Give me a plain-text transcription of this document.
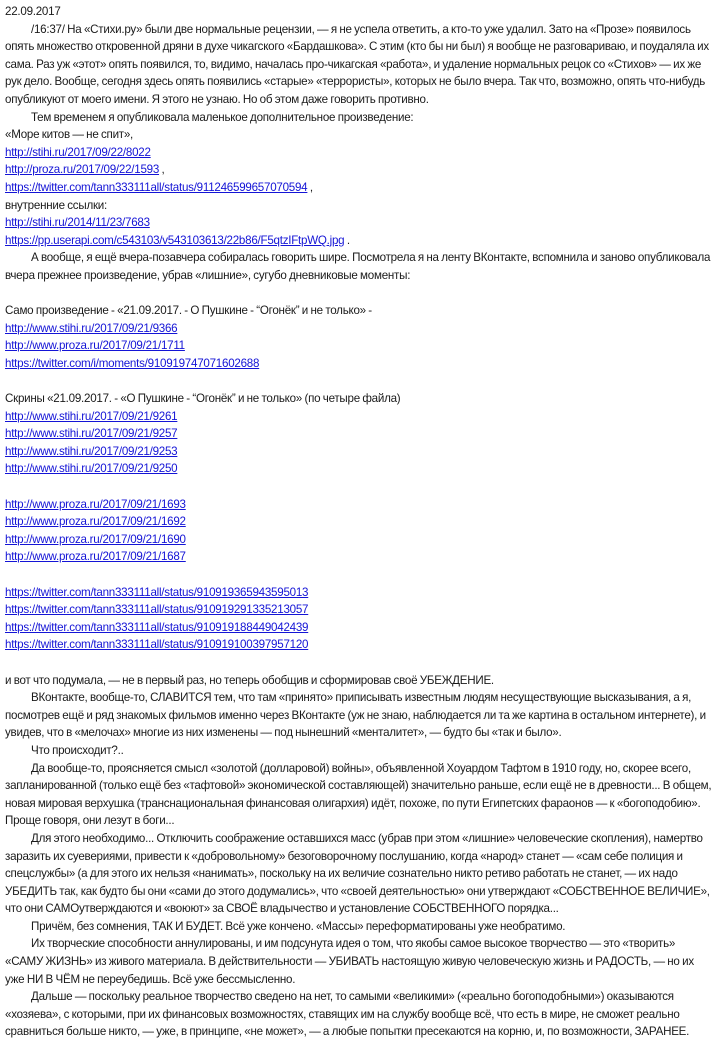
22.09.2017

/16:37/ На «Стихи.ру» были две нормальные рецензии, — я не успела ответить, а кто-то уже удалил. Зато на «Прозе» появилось опять множество откровенной дряни в духе чикагского «Бардашкова». С этим (кто бы ни был) я вообще не разговариваю, и поудаляла их сама. Раз уж «этот» опять появился, то, видимо, началась про-чикагская «работа», и удаление нормальных рецок со «Стихов» — их же рук дело. Вообще, сегодня здесь опять появились «старые» «террористы», которых не было вчера. Так что, возможно, опять что-нибудь опубликуют от моего имени. Я этого не узнаю. Но об этом даже говорить противно.

Тем временем я опубликовала маленькое дополнительное произведение:

«Море китов — не спит»,

http://stihi.ru/2017/09/22/8022

http://proza.ru/2017/09/22/1593 ,

https://twitter.com/tann333111all/status/911246599657070594 ,

внутренние ссылки:

http://stihi.ru/2014/11/23/7683

https://pp.userapi.com/c543103/v543103613/22b86/F5qtzIFtpWQ.jpg .

А вообще, я ещё вчера-позавчера собиралась говорить шире. Посмотрела я на ленту ВКонтакте, вспомнила и заново опубликовала вчера прежнее произведение, убрав «лишние», сугубо дневниковые моменты:

Само произведение - «21.09.2017. - О Пушкине - “Огонёк” и не только» -

http://www.stihi.ru/2017/09/21/9366

http://www.proza.ru/2017/09/21/1711

https://twitter.com/i/moments/910919747071602688

Скрины «21.09.2017. - «О Пушкине - “Огонёк” и не только» (по четыре файла)

http://www.stihi.ru/2017/09/21/9261

http://www.stihi.ru/2017/09/21/9257

http://www.stihi.ru/2017/09/21/9253

http://www.stihi.ru/2017/09/21/9250

http://www.proza.ru/2017/09/21/1693

http://www.proza.ru/2017/09/21/1692

http://www.proza.ru/2017/09/21/1690

http://www.proza.ru/2017/09/21/1687

https://twitter.com/tann333111all/status/910919365943595013

https://twitter.com/tann333111all/status/910919291335213057

https://twitter.com/tann333111all/status/910919188449042439

https://twitter.com/tann333111all/status/910919100397957120

и вот что подумала, — не в первый раз, но теперь обобщив и сформировав своё УБЕЖДЕНИЕ.

ВКонтакте, вообще-то, СЛАВИТСЯ тем, что там «принято» приписывать известным людям несуществующие высказывания, а я, посмотрев ещё и ряд знакомых фильмов именно через ВКонтакте (уж не знаю, наблюдается ли та же картина в остальном интернете), и увидев, что в «мелочах» многие из них изменены — под нынешний «менталитет», — будто бы «так и было».

Что происходит?..

Да вообще-то, проясняется смысл «золотой (долларовой) войны», объявленной Хоуардом Тафтом в 1910 году, но, скорее всего, запланированной (только ещё без «тафтовой» экономической составляющей) значительно раньше, если ещё не в древности... В общем, новая мировая верхушка (транснациональная финансовая олигархия) идёт, похоже, по пути Египетских фараонов — к «богоподобию». Проще говоря, они лезут в боги...

Для этого необходимо... Отключить соображение оставшихся масс (убрав при этом «лишние» человеческие скопления), намертво заразить их суевериями, привести к «добровольному» безоговорочному послушанию, когда «народ» станет — «сам себе полиция и спецслужбы» (а для этого их нельзя «нанимать», поскольку на их величие сознательно никто ретиво работать не станет, — их надо УБЕДИТЬ так, как будто бы они «сами до этого додумались», что «своей деятельностью» они утверждают «СОБСТВЕННОЕ ВЕЛИЧИЕ», что они САМОутверждаются и «воюют» за СВОЁ владычество и установление СОБСТВЕННОГО порядка...

Причём, без сомнения, ТАК И БУДЕТ. Всё уже кончено. «Массы» переформатированы уже необратимо.

Их творческие способности аннулированы, и им подсунута идея о том, что якобы самое высокое творчество — это «творить» «САМУ ЖИЗНЬ» из живого материала. В действительности — УБИВАТЬ настоящую живую человеческую жизнь и РАДОСТЬ, — но их уже НИ В ЧЁМ не переубедишь. Всё уже бессмысленно.

Дальше — поскольку реальное творчество сведено на нет, то самыми «великими» («реально богоподобными») оказываются «хозяева», с которыми, при их финансовых возможностях, ставящих им на службу вообще всё, что есть в мире, не сможет реально сравниться больше никто, — уже, в принципе, «не может», — а любые попытки пресекаются на корню, и, по возможности, ЗАРАНЕЕ.
